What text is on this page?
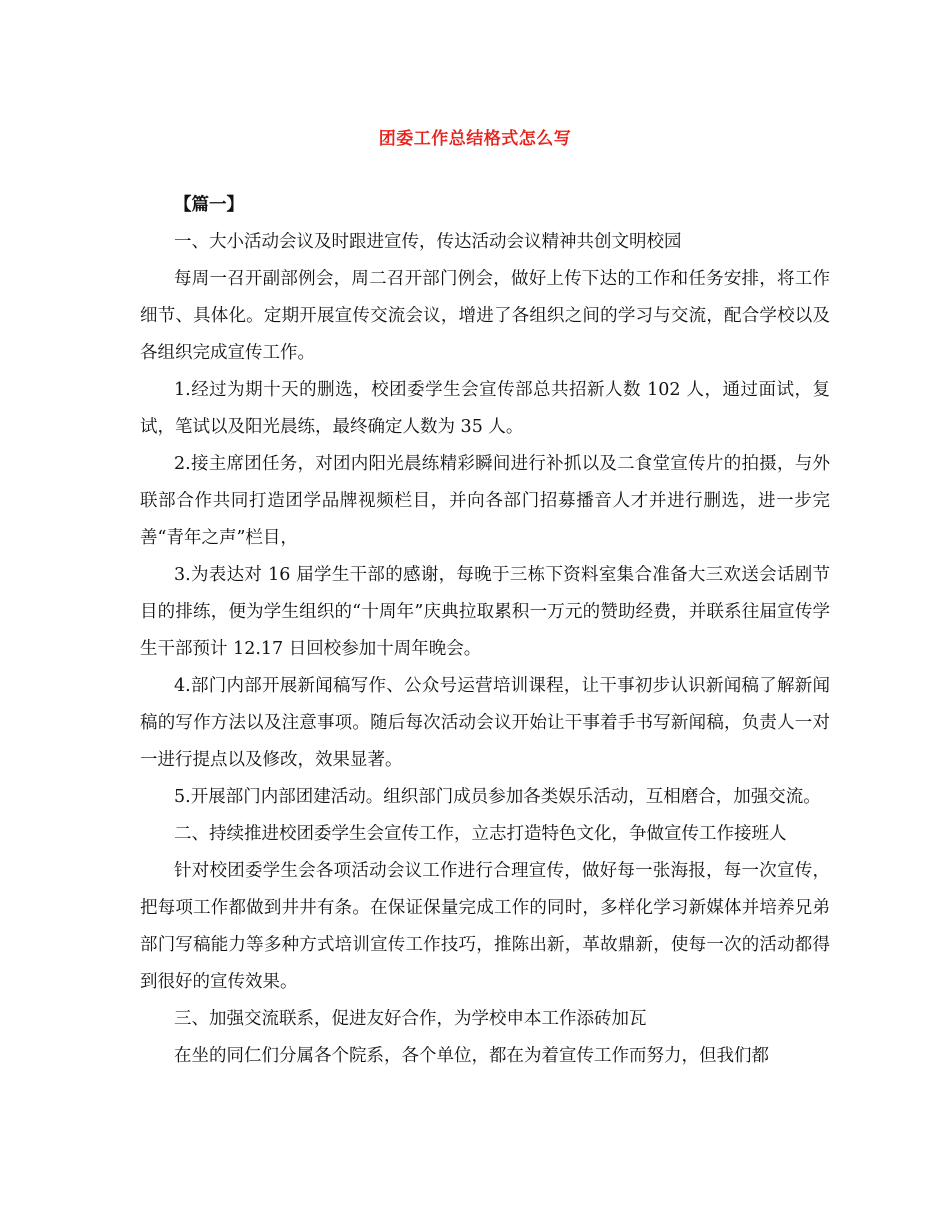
团委工作总结格式怎么写

【篇一】

一、大小活动会议及时跟进宣传，传达活动会议精神共创文明校园

每周一召开副部例会，周二召开部门例会，做好上传下达的工作和任务安排，将工作细节、具体化。定期开展宣传交流会议，增进了各组织之间的学习与交流，配合学校以及各组织完成宣传工作。

1.经过为期十天的删选，校团委学生会宣传部总共招新人数 102 人，通过面试，复试，笔试以及阳光晨练，最终确定人数为 35 人。

2.接主席团任务，对团内阳光晨练精彩瞬间进行补抓以及二食堂宣传片的拍摄，与外联部合作共同打造团学品牌视频栏目，并向各部门招募播音人才并进行删选，进一步完善“青年之声”栏目，

3.为表达对 16 届学生干部的感谢，每晚于三栋下资料室集合准备大三欢送会话剧节目的排练，便为学生组织的“十周年”庆典拉取累积一万元的赞助经费，并联系往届宣传学生干部预计 12.17 日回校参加十周年晚会。

4.部门内部开展新闻稿写作、公众号运营培训课程，让干事初步认识新闻稿了解新闻稿的写作方法以及注意事项。随后每次活动会议开始让干事着手书写新闻稿，负责人一对一进行提点以及修改，效果显著。

5.开展部门内部团建活动。组织部门成员参加各类娱乐活动，互相磨合，加强交流。

二、持续推进校团委学生会宣传工作，立志打造特色文化，争做宣传工作接班人

针对校团委学生会各项活动会议工作进行合理宣传，做好每一张海报，每一次宣传，把每项工作都做到井井有条。在保证保量完成工作的同时，多样化学习新媒体并培养兄弟部门写稿能力等多种方式培训宣传工作技巧，推陈出新，革故鼎新，使每一次的活动都得到很好的宣传效果。

三、加强交流联系，促进友好合作，为学校申本工作添砖加瓦

在坐的同仁们分属各个院系，各个单位，都在为着宣传工作而努力，但我们都
